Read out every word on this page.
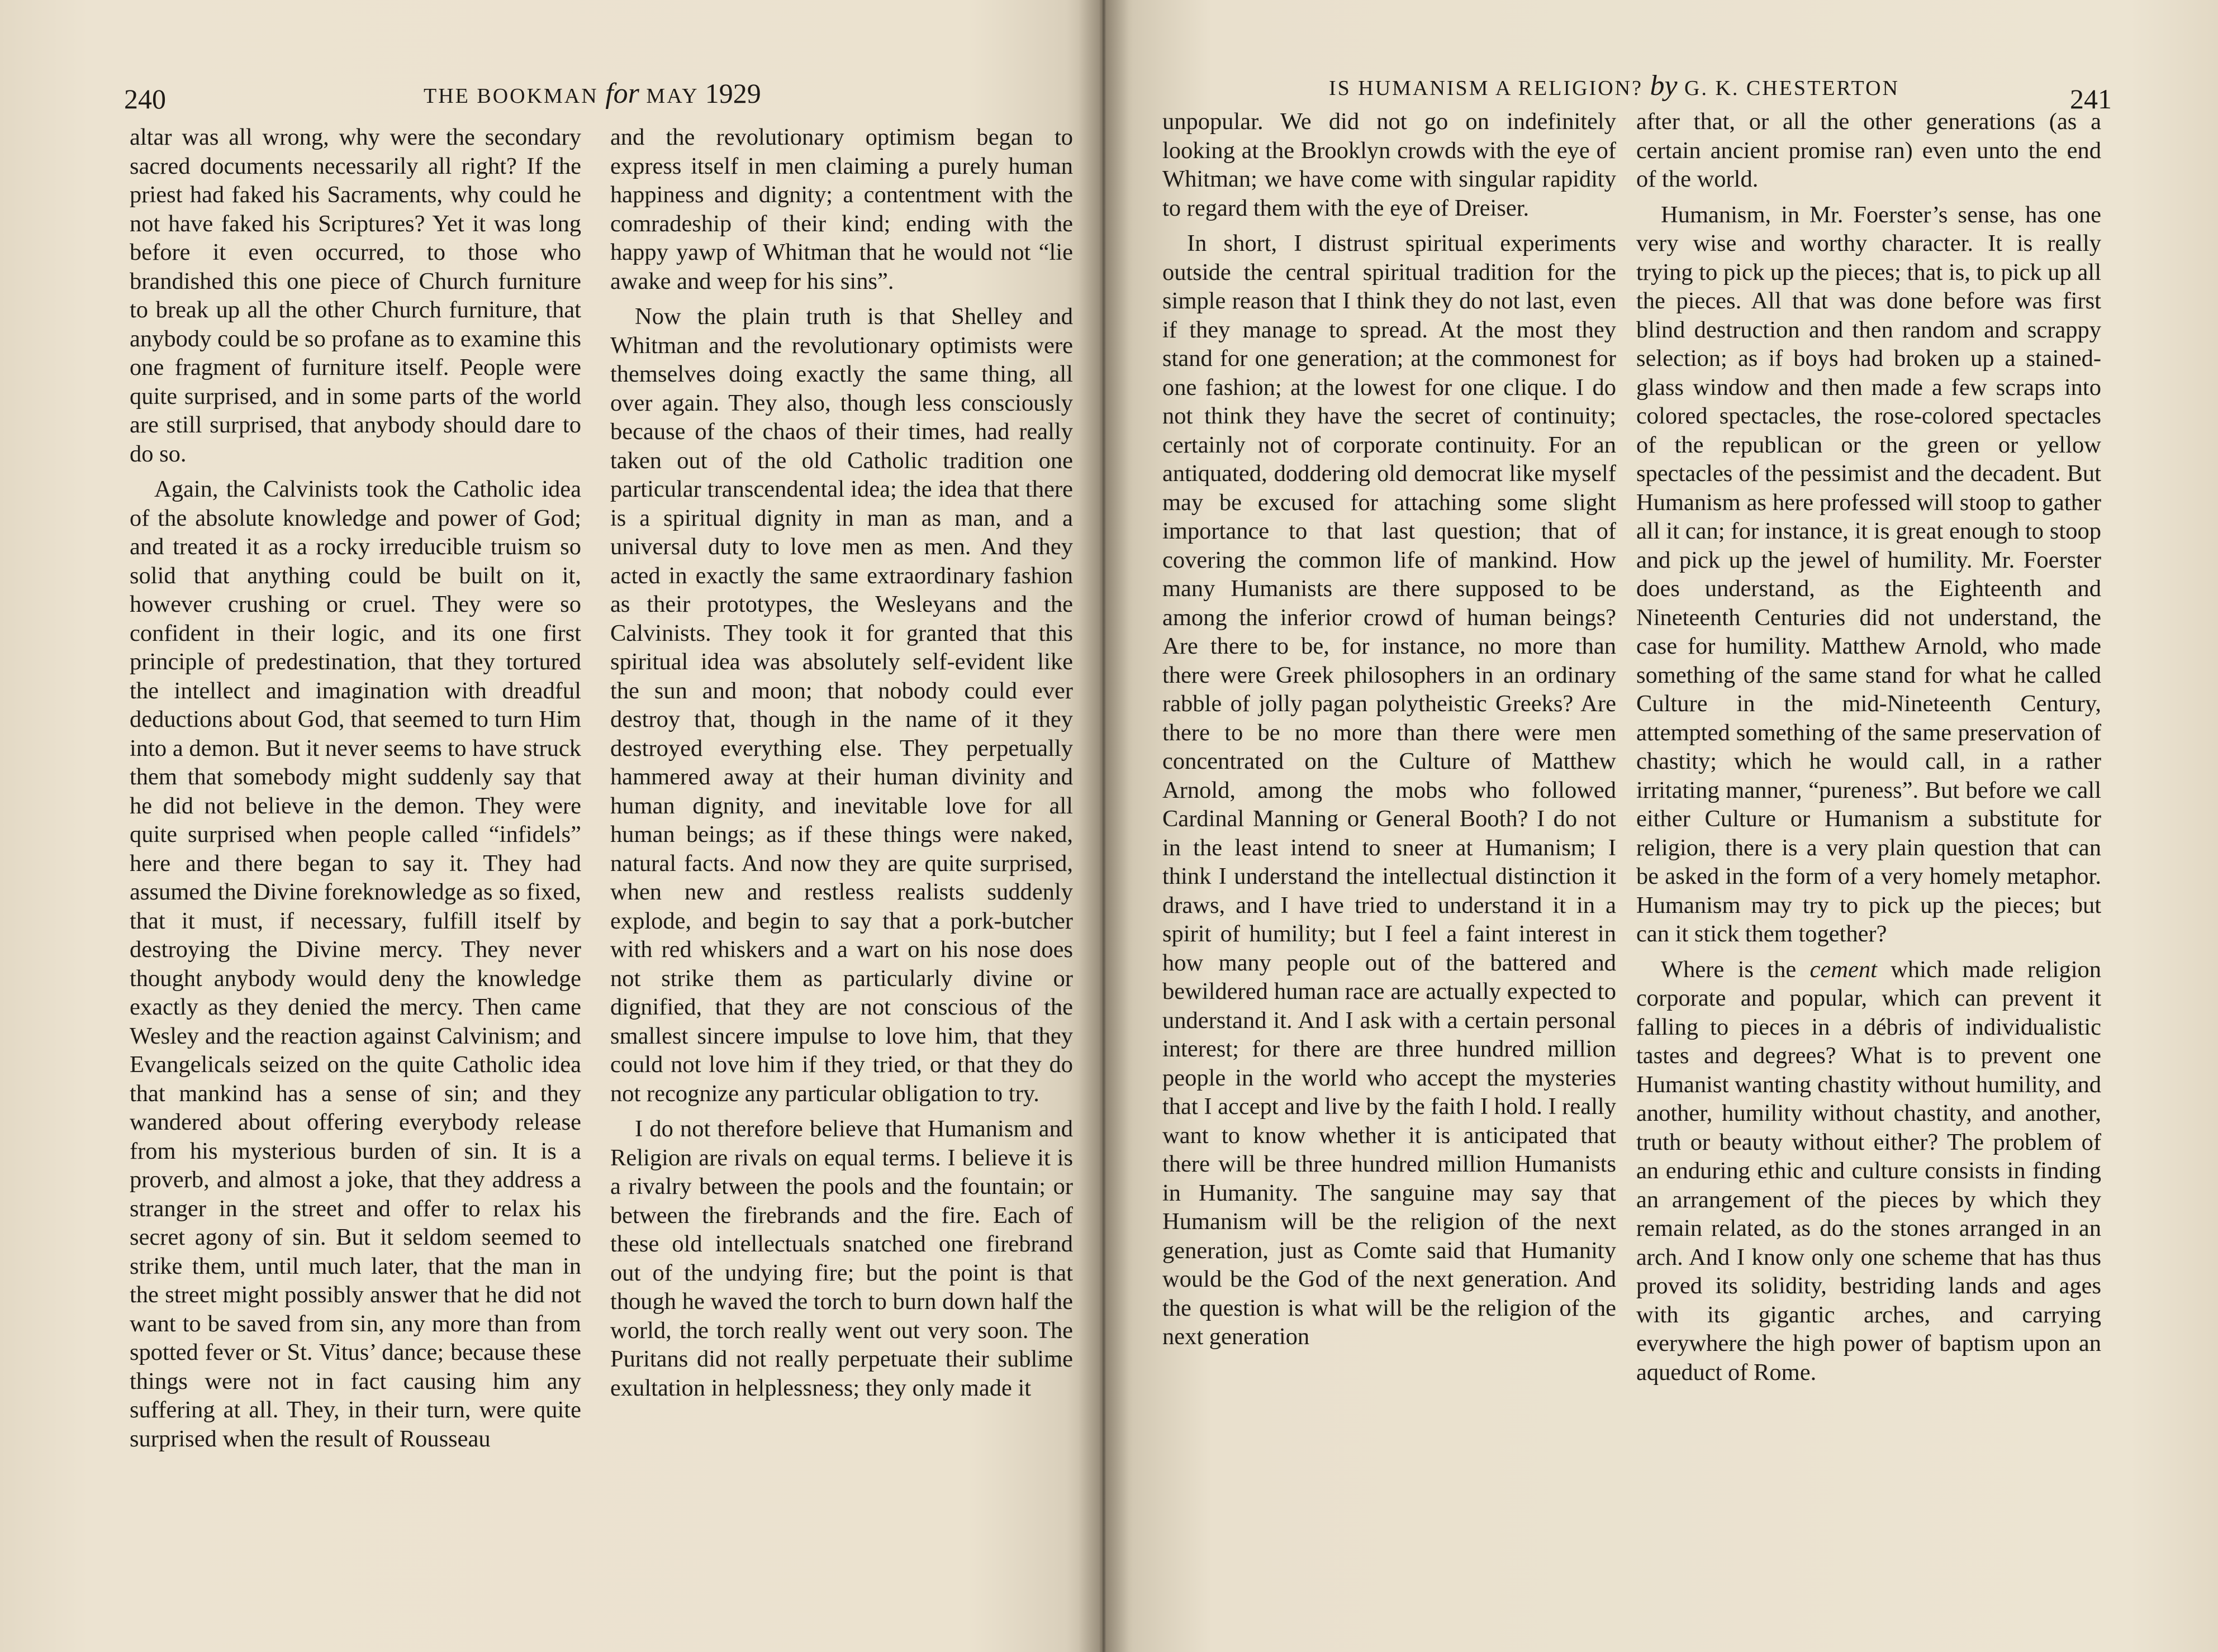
240	THE BOOKMAN for MAY 1929

altar was all wrong, why were the secondary sacred documents necessarily all right? If the priest had faked his Sacraments, why could he not have faked his Scriptures? Yet it was long before it even occurred, to those who brandished this one piece of Church furniture to break up all the other Church furniture, that anybody could be so profane as to examine this one fragment of furniture itself. People were quite surprised, and in some parts of the world are still surprised, that anybody should dare to do so.

Again, the Calvinists took the Catholic idea of the absolute knowledge and power of God; and treated it as a rocky irreducible truism so solid that anything could be built on it, however crushing or cruel. They were so confident in their logic, and its one first principle of predestination, that they tortured the intellect and imagination with dreadful deductions about God, that seemed to turn Him into a demon. But it never seems to have struck them that somebody might suddenly say that he did not believe in the demon. They were quite surprised when people called “infidels” here and there began to say it. They had assumed the Divine foreknowledge as so fixed, that it must, if necessary, fulfill itself by destroying the Divine mercy. They never thought anybody would deny the knowledge exactly as they denied the mercy. Then came Wesley and the reaction against Calvinism; and Evangelicals seized on the quite Catholic idea that mankind has a sense of sin; and they wandered about offering everybody release from his mysterious burden of sin. It is a proverb, and almost a joke, that they address a stranger in the street and offer to relax his secret agony of sin. But it seldom seemed to strike them, until much later, that the man in the street might possibly answer that he did not want to be saved from sin, any more than from spotted fever or St. Vitus’ dance; because these things were not in fact causing him any suffering at all. They, in their turn, were quite surprised when the result of Rousseau

and the revolutionary optimism began to express itself in men claiming a purely human happiness and dignity; a contentment with the comradeship of their kind; ending with the happy yawp of Whitman that he would not “lie awake and weep for his sins”.

Now the plain truth is that Shelley and Whitman and the revolutionary optimists were themselves doing exactly the same thing, all over again. They also, though less consciously because of the chaos of their times, had really taken out of the old Catholic tradition one particular transcendental idea; the idea that there is a spiritual dignity in man as man, and a universal duty to love men as men. And they acted in exactly the same extraordinary fashion as their prototypes, the Wesleyans and the Calvinists. They took it for granted that this spiritual idea was absolutely self-evident like the sun and moon; that nobody could ever destroy that, though in the name of it they destroyed everything else. They perpetually hammered away at their human divinity and human dignity, and inevitable love for all human beings; as if these things were naked, natural facts. And now they are quite surprised, when new and restless realists suddenly explode, and begin to say that a pork-butcher with red whiskers and a wart on his nose does not strike them as particularly divine or dignified, that they are not conscious of the smallest sincere impulse to love him, that they could not love him if they tried, or that they do not recognize any particular obligation to try.

I do not therefore believe that Humanism and Religion are rivals on equal terms. I believe it is a rivalry between the pools and the fountain; or between the firebrands and the fire. Each of these old intellectuals snatched one firebrand out of the undying fire; but the point is that though he waved the torch to burn down half the world, the torch really went out very soon. The Puritans did not really perpetuate their sublime exultation in helplessness; they only made it

IS HUMANISM A RELIGION? by G. K. CHESTERTON	241

unpopular. We did not go on indefinitely looking at the Brooklyn crowds with the eye of Whitman; we have come with singular rapidity to regard them with the eye of Dreiser.

In short, I distrust spiritual experiments outside the central spiritual tradition for the simple reason that I think they do not last, even if they manage to spread. At the most they stand for one generation; at the commonest for one fashion; at the lowest for one clique. I do not think they have the secret of continuity; certainly not of corporate continuity. For an antiquated, doddering old democrat like myself may be excused for attaching some slight importance to that last question; that of covering the common life of mankind. How many Humanists are there supposed to be among the inferior crowd of human beings? Are there to be, for instance, no more than there were Greek philosophers in an ordinary rabble of jolly pagan polytheistic Greeks? Are there to be no more than there were men concentrated on the Culture of Matthew Arnold, among the mobs who followed Cardinal Manning or General Booth? I do not in the least intend to sneer at Humanism; I think I understand the intellectual distinction it draws, and I have tried to understand it in a spirit of humility; but I feel a faint interest in how many people out of the battered and bewildered human race are actually expected to understand it. And I ask with a certain personal interest; for there are three hundred million people in the world who accept the mysteries that I accept and live by the faith I hold. I really want to know whether it is anticipated that there will be three hundred million Humanists in Humanity. The sanguine may say that Humanism will be the religion of the next generation, just as Comte said that Humanity would be the God of the next generation. And the question is what will be the religion of the next generation

after that, or all the other generations (as a certain ancient promise ran) even unto the end of the world.

Humanism, in Mr. Foerster’s sense, has one very wise and worthy character. It is really trying to pick up the pieces; that is, to pick up all the pieces. All that was done before was first blind destruction and then random and scrappy selection; as if boys had broken up a stained-glass window and then made a few scraps into colored spectacles, the rose-colored spectacles of the republican or the green or yellow spectacles of the pessimist and the decadent. But Humanism as here professed will stoop to gather all it can; for instance, it is great enough to stoop and pick up the jewel of humility. Mr. Foerster does understand, as the Eighteenth and Nineteenth Centuries did not understand, the case for humility. Matthew Arnold, who made something of the same stand for what he called Culture in the mid-Nineteenth Century, attempted something of the same preservation of chastity; which he would call, in a rather irritating manner, “pureness”. But before we call either Culture or Humanism a substitute for religion, there is a very plain question that can be asked in the form of a very homely metaphor. Humanism may try to pick up the pieces; but can it stick them together?

Where is the cement which made religion corporate and popular, which can prevent it falling to pieces in a débris of individualistic tastes and degrees? What is to prevent one Humanist wanting chastity without humility, and another, humility without chastity, and another, truth or beauty without either? The problem of an enduring ethic and culture consists in finding an arrangement of the pieces by which they remain related, as do the stones arranged in an arch. And I know only one scheme that has thus proved its solidity, bestriding lands and ages with its gigantic arches, and carrying everywhere the high power of baptism upon an aqueduct of Rome.
